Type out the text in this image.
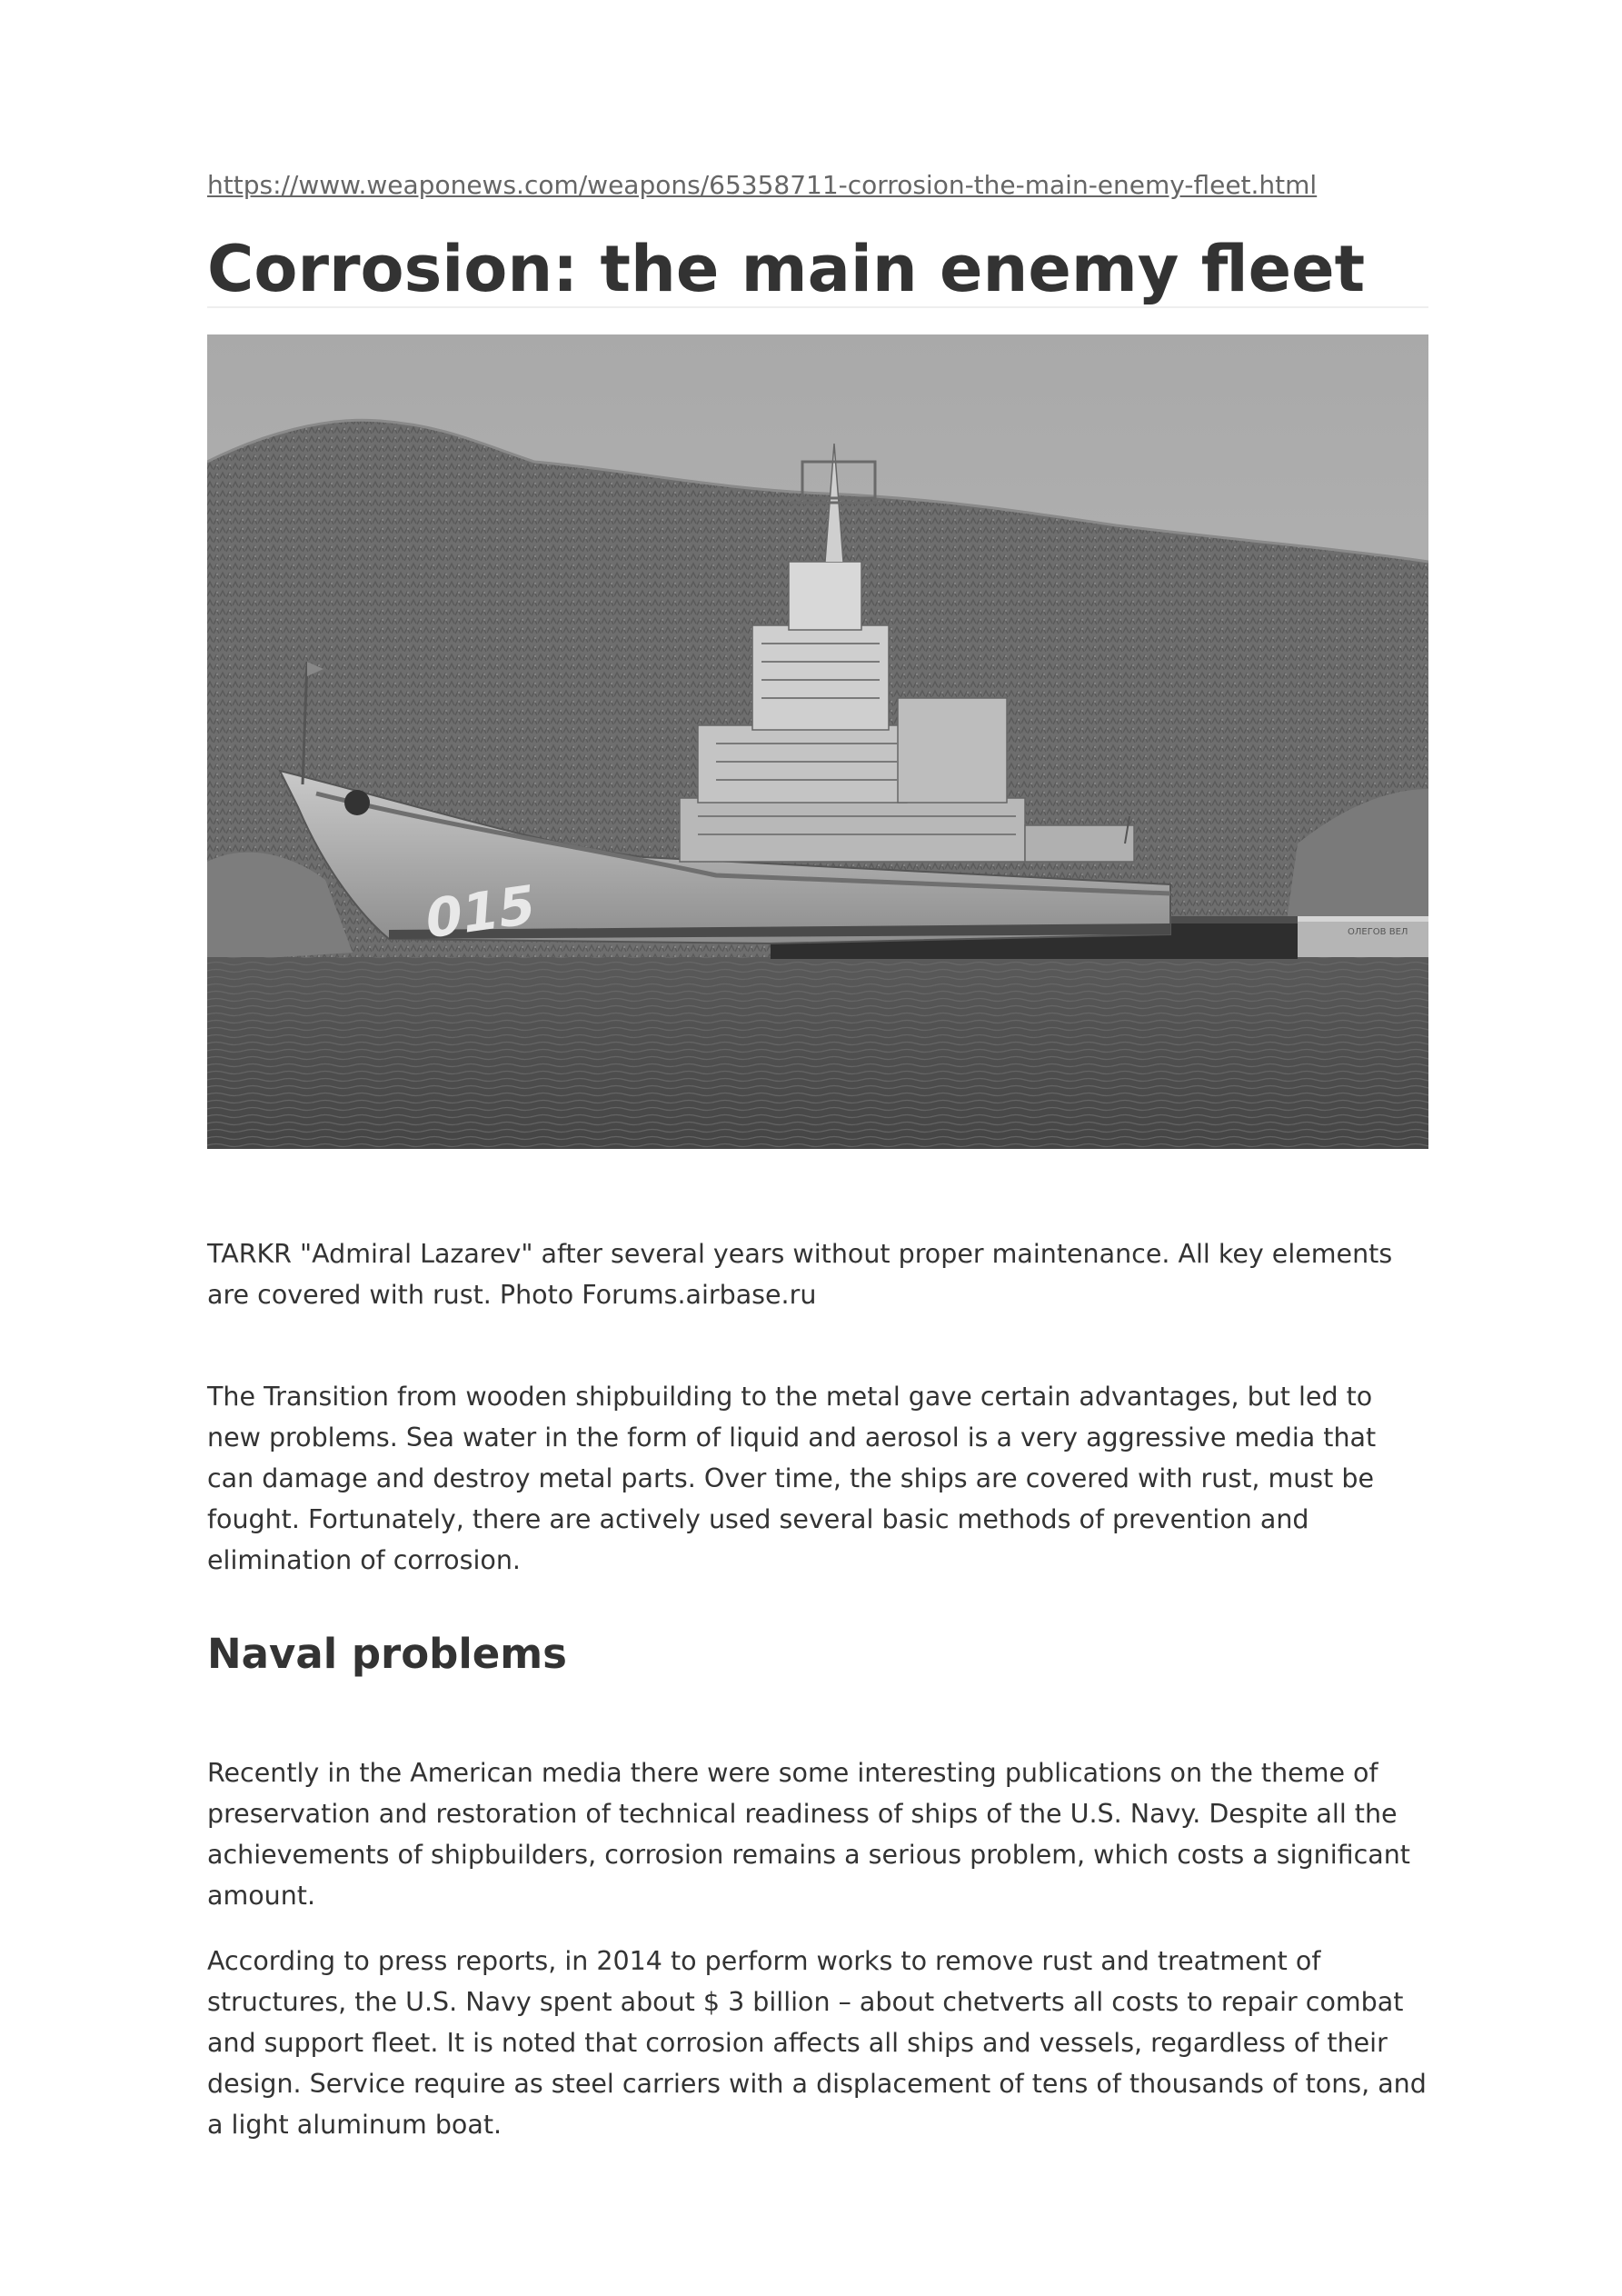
https://www.weaponews.com/weapons/65358711-corrosion-the-main-enemy-fleet.html
Corrosion: the main enemy fleet
ОЛЕГОВ ВЕЛ
015

TARKR "Admiral Lazarev" after several years without proper maintenance. All key elements are covered with rust. Photo Forums.airbase.ru

The Transition from wooden shipbuilding to the metal gave certain advantages, but led to new problems. Sea water in the form of liquid and aerosol is a very aggressive media that can damage and destroy metal parts. Over time, the ships are covered with rust, must be fought. Fortunately, there are actively used several basic methods of prevention and elimination of corrosion.

Naval problems

Recently in the American media there were some interesting publications on the theme of preservation and restoration of technical readiness of ships of the U.S. Navy. Despite all the achievements of shipbuilders, corrosion remains a serious problem, which costs a significant amount.

According to press reports, in 2014 to perform works to remove rust and treatment of structures, the U.S. Navy spent about $ 3 billion – about chetverts all costs to repair combat and support fleet. It is noted that corrosion affects all ships and vessels, regardless of their design. Service require as steel carriers with a displacement of tens of thousands of tons, and a light aluminum boat.
